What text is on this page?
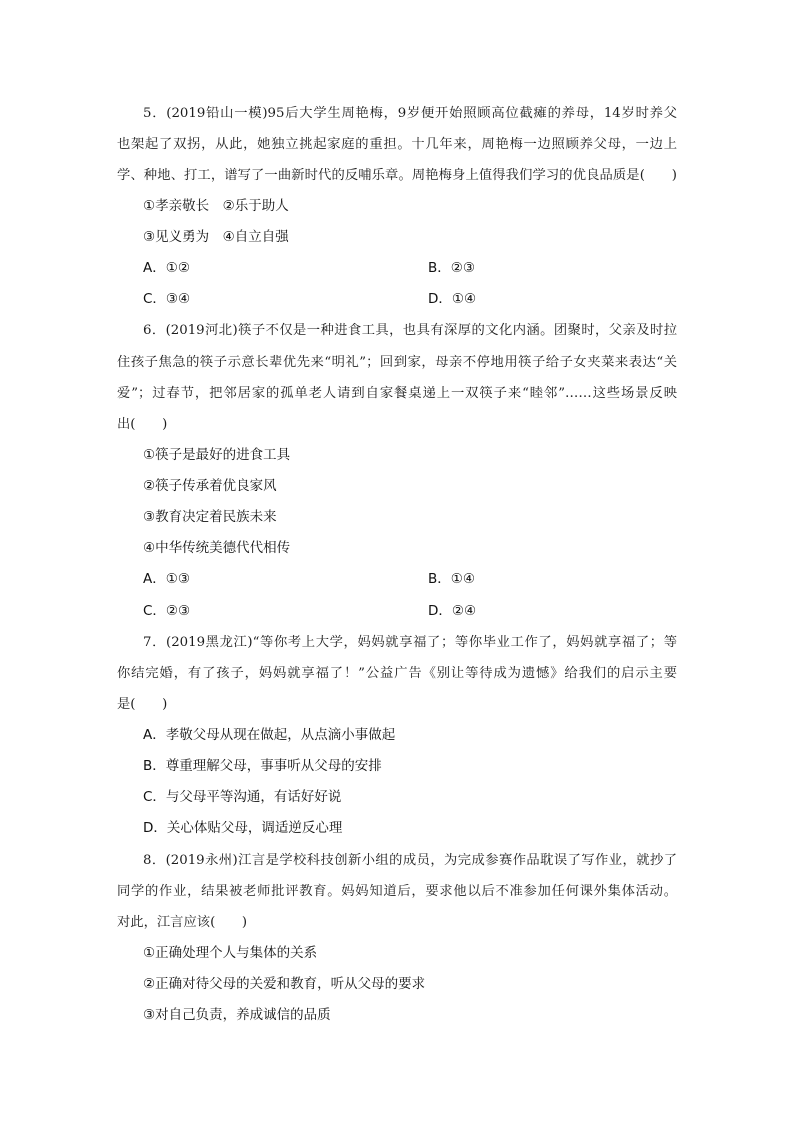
5．(2019铅山一模)95后大学生周艳梅，9岁便开始照顾高位截瘫的养母，14岁时养父
也架起了双拐，从此，她独立挑起家庭的重担。十几年来，周艳梅一边照顾养父母，一边上
学、种地、打工，谱写了一曲新时代的反哺乐章。周艳梅身上值得我们学习的优良品质是(　　)
①孝亲敬长　②乐于助人
③见义勇为　④自立自强
A．①②	B．②③
C．③④	D．①④
6．(2019河北)筷子不仅是一种进食工具，也具有深厚的文化内涵。团聚时，父亲及时拉
住孩子焦急的筷子示意长辈优先来“明礼”；回到家，母亲不停地用筷子给子女夹菜来表达“关
爱”；过春节，把邻居家的孤单老人请到自家餐桌递上一双筷子来“睦邻”……这些场景反映
出(　　)
①筷子是最好的进食工具
②筷子传承着优良家风
③教育决定着民族未来
④中华传统美德代代相传
A．①③	B．①④
C．②③	D．②④
7．(2019黑龙江)“等你考上大学，妈妈就享福了；等你毕业工作了，妈妈就享福了；等
你结完婚，有了孩子，妈妈就享福了！”公益广告《别让等待成为遗憾》给我们的启示主要
是(　　)
A．孝敬父母从现在做起，从点滴小事做起
B．尊重理解父母，事事听从父母的安排
C．与父母平等沟通，有话好好说
D．关心体贴父母，调适逆反心理
8．(2019永州)江言是学校科技创新小组的成员，为完成参赛作品耽误了写作业，就抄了
同学的作业，结果被老师批评教育。妈妈知道后，要求他以后不准参加任何课外集体活动。
对此，江言应该(　　)
①正确处理个人与集体的关系
②正确对待父母的关爱和教育，听从父母的要求
③对自己负责，养成诚信的品质
